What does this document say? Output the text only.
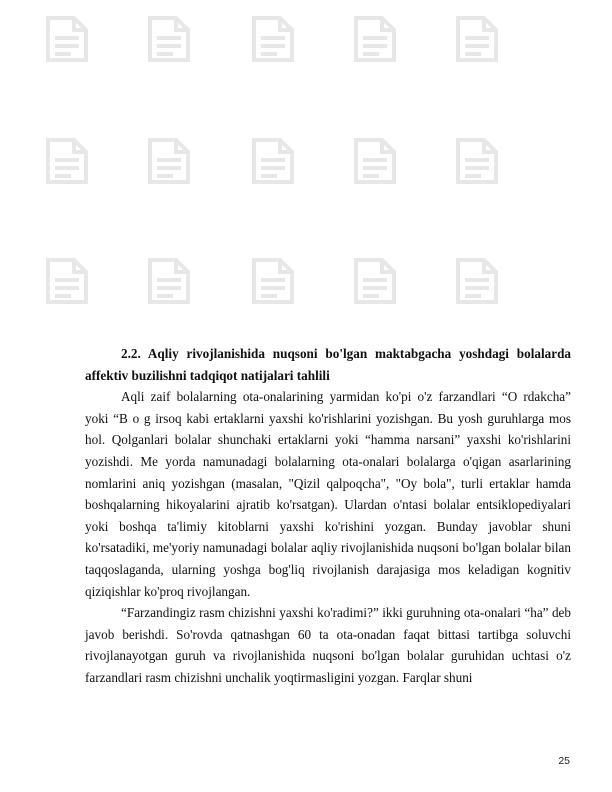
2.2. Aqliy rivojlanishida nuqsoni bo'lgan maktabgacha yoshdagi bolalarda affektiv buzilishni tadqiqot natijalari tahlili

Aqli zaif bolalarning ota-onalarining yarmidan ko'pi o'z farzandlari “O rdakcha” yoki “B o g irsoq kabi ertaklarni yaxshi ko'rishlarini yozishgan. Bu yosh guruhlarga mos hol. Qolganlari bolalar shunchaki ertaklarni yoki “hamma narsani” yaxshi ko'rishlarini yozishdi. Me yorda namunadagi bolalarning ota-onalari bolalarga o'qigan asarlarining nomlarini aniq yozishgan (masalan, "Qizil qalpoqcha", "Oy bola", turli ertaklar hamda boshqalarning hikoyalarini ajratib ko'rsatgan). Ulardan o'ntasi bolalar entsiklopediyalari yoki boshqa ta'limiy kitoblarni yaxshi ko'rishini yozgan. Bunday javoblar shuni ko'rsatadiki, me'yoriy namunadagi bolalar aqliy rivojlanishida nuqsoni bo'lgan bolalar bilan taqqoslaganda, ularning yoshga bog'liq rivojlanish darajasiga mos keladigan kognitiv qiziqishlar ko'proq rivojlangan.

“Farzandingiz rasm chizishni yaxshi ko'radimi?” ikki guruhning ota-onalari “ha” deb javob berishdi. So'rovda qatnashgan 60 ta ota-onadan faqat bittasi tartibga soluvchi rivojlanayotgan guruh va rivojlanishida nuqsoni bo'lgan bolalar guruhidan uchtasi o'z farzandlari rasm chizishni unchalik yoqtirmasligini yozgan. Farqlar shuni

25
